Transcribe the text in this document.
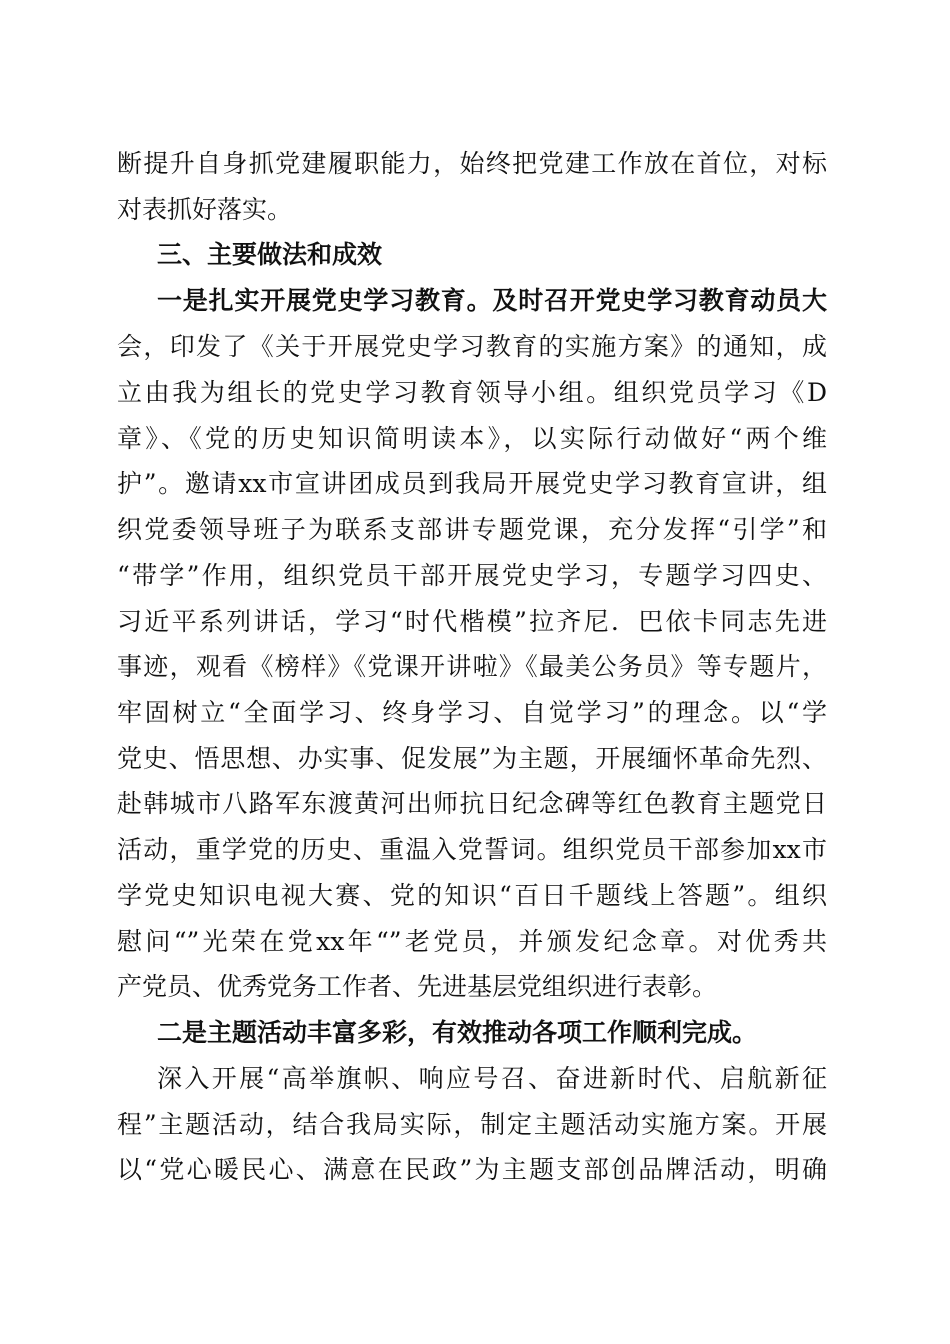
断提升自身抓党建履职能力，始终把党建工作放在首位，对标
对表抓好落实。
三、主要做法和成效
一是扎实开展党史学习教育。及时召开党史学习教育动员大
会，印发了《关于开展党史学习教育的实施方案》的通知，成
立由我为组长的党史学习教育领导小组。组织党员学习《D
章》、《党的历史知识简明读本》，以实际行动做好“两个维
护”。邀请xx市宣讲团成员到我局开展党史学习教育宣讲，组
织党委领导班子为联系支部讲专题党课，充分发挥“引学”和
“带学”作用，组织党员干部开展党史学习，专题学习四史、
习近平系列讲话，学习“时代楷模”拉齐尼．巴依卡同志先进
事迹，观看《榜样》《党课开讲啦》《最美公务员》等专题片，
牢固树立“全面学习、终身学习、自觉学习”的理念。以“学
党史、悟思想、办实事、促发展”为主题，开展缅怀革命先烈、
赴韩城市八路军东渡黄河出师抗日纪念碑等红色教育主题党日
活动，重学党的历史、重温入党誓词。组织党员干部参加xx市
学党史知识电视大赛、党的知识“百日千题线上答题”。组织
慰问“”光荣在党xx年“”老党员，并颁发纪念章。对优秀共
产党员、优秀党务工作者、先进基层党组织进行表彰。
二是主题活动丰富多彩，有效推动各项工作顺利完成。
深入开展“高举旗帜、响应号召、奋进新时代、启航新征
程”主题活动，结合我局实际，制定主题活动实施方案。开展
以“党心暖民心、满意在民政”为主题支部创品牌活动，明确
